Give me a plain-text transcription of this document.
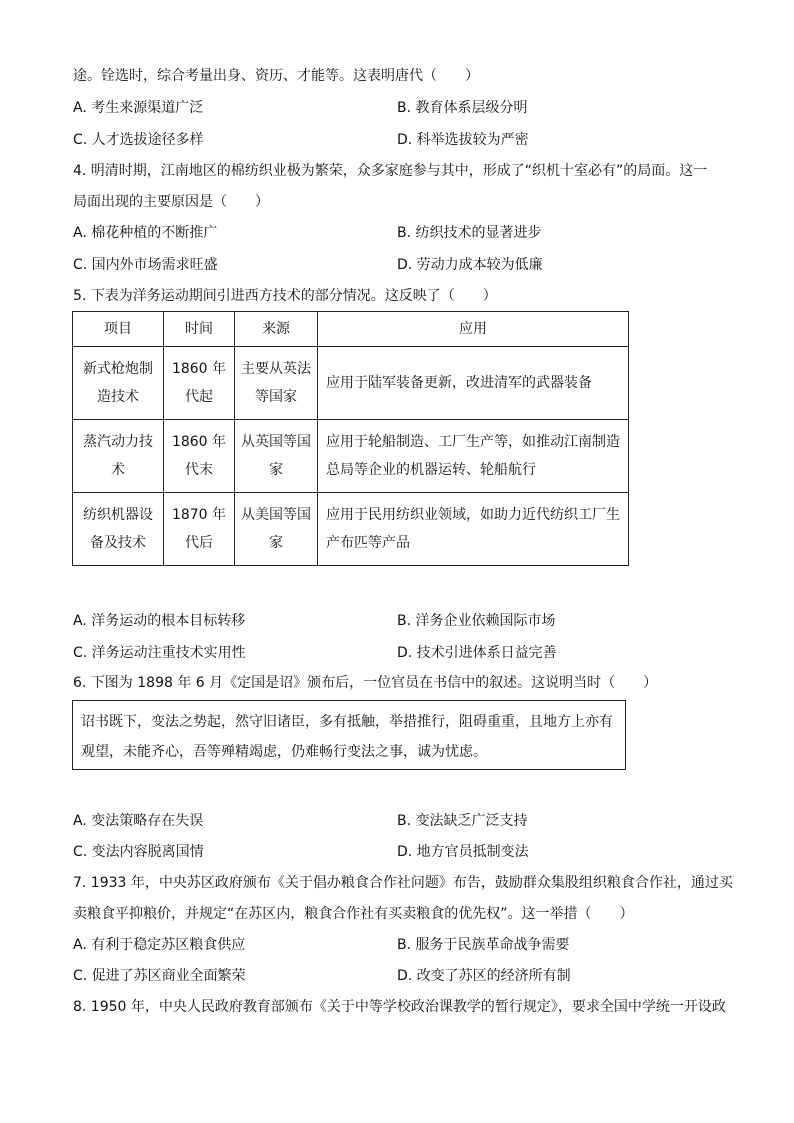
途。铨选时，综合考量出身、资历、才能等。这表明唐代（　　）
A. 考生来源渠道广泛	B. 教育体系层级分明
C. 人才选拔途径多样	D. 科举选拔较为严密
4. 明清时期，江南地区的棉纺织业极为繁荣，众多家庭参与其中，形成了“织机十室必有”的局面。这一
局面出现的主要原因是（　　）
A. 棉花种植的不断推广	B. 纺织技术的显著进步
C. 国内外市场需求旺盛	D. 劳动力成本较为低廉
5. 下表为洋务运动期间引进西方技术的部分情况。这反映了（　　）
项目	时间	来源	应用
新式枪炮制造技术	1860 年代起	主要从英法等国家	应用于陆军装备更新，改进清军的武器装备
蒸汽动力技术	1860 年代末	从英国等国家	应用于轮船制造、工厂生产等，如推动江南制造总局等企业的机器运转、轮船航行
纺织机器设备及技术	1870 年代后	从美国等国家	应用于民用纺织业领域，如助力近代纺织工厂生产布匹等产品
A. 洋务运动的根本目标转移	B. 洋务企业依赖国际市场
C. 洋务运动注重技术实用性	D. 技术引进体系日益完善
6. 下图为 1898 年 6 月《定国是诏》颁布后，一位官员在书信中的叙述。这说明当时（　　）
诏书既下，变法之势起，然守旧诸臣，多有抵触，举措推行，阻碍重重，且地方上亦有观望，未能齐心，吾等殚精竭虑，仍难畅行变法之事，诚为忧虑。
A. 变法策略存在失误	B. 变法缺乏广泛支持
C. 变法内容脱离国情	D. 地方官员抵制变法
7. 1933 年，中央苏区政府颁布《关于倡办粮食合作社问题》布告，鼓励群众集股组织粮食合作社，通过买
卖粮食平抑粮价，并规定“在苏区内，粮食合作社有买卖粮食的优先权”。这一举措（　　）
A. 有利于稳定苏区粮食供应	B. 服务于民族革命战争需要
C. 促进了苏区商业全面繁荣	D. 改变了苏区的经济所有制
8. 1950 年，中央人民政府教育部颁布《关于中等学校政治课教学的暂行规定》，要求全国中学统一开设政
